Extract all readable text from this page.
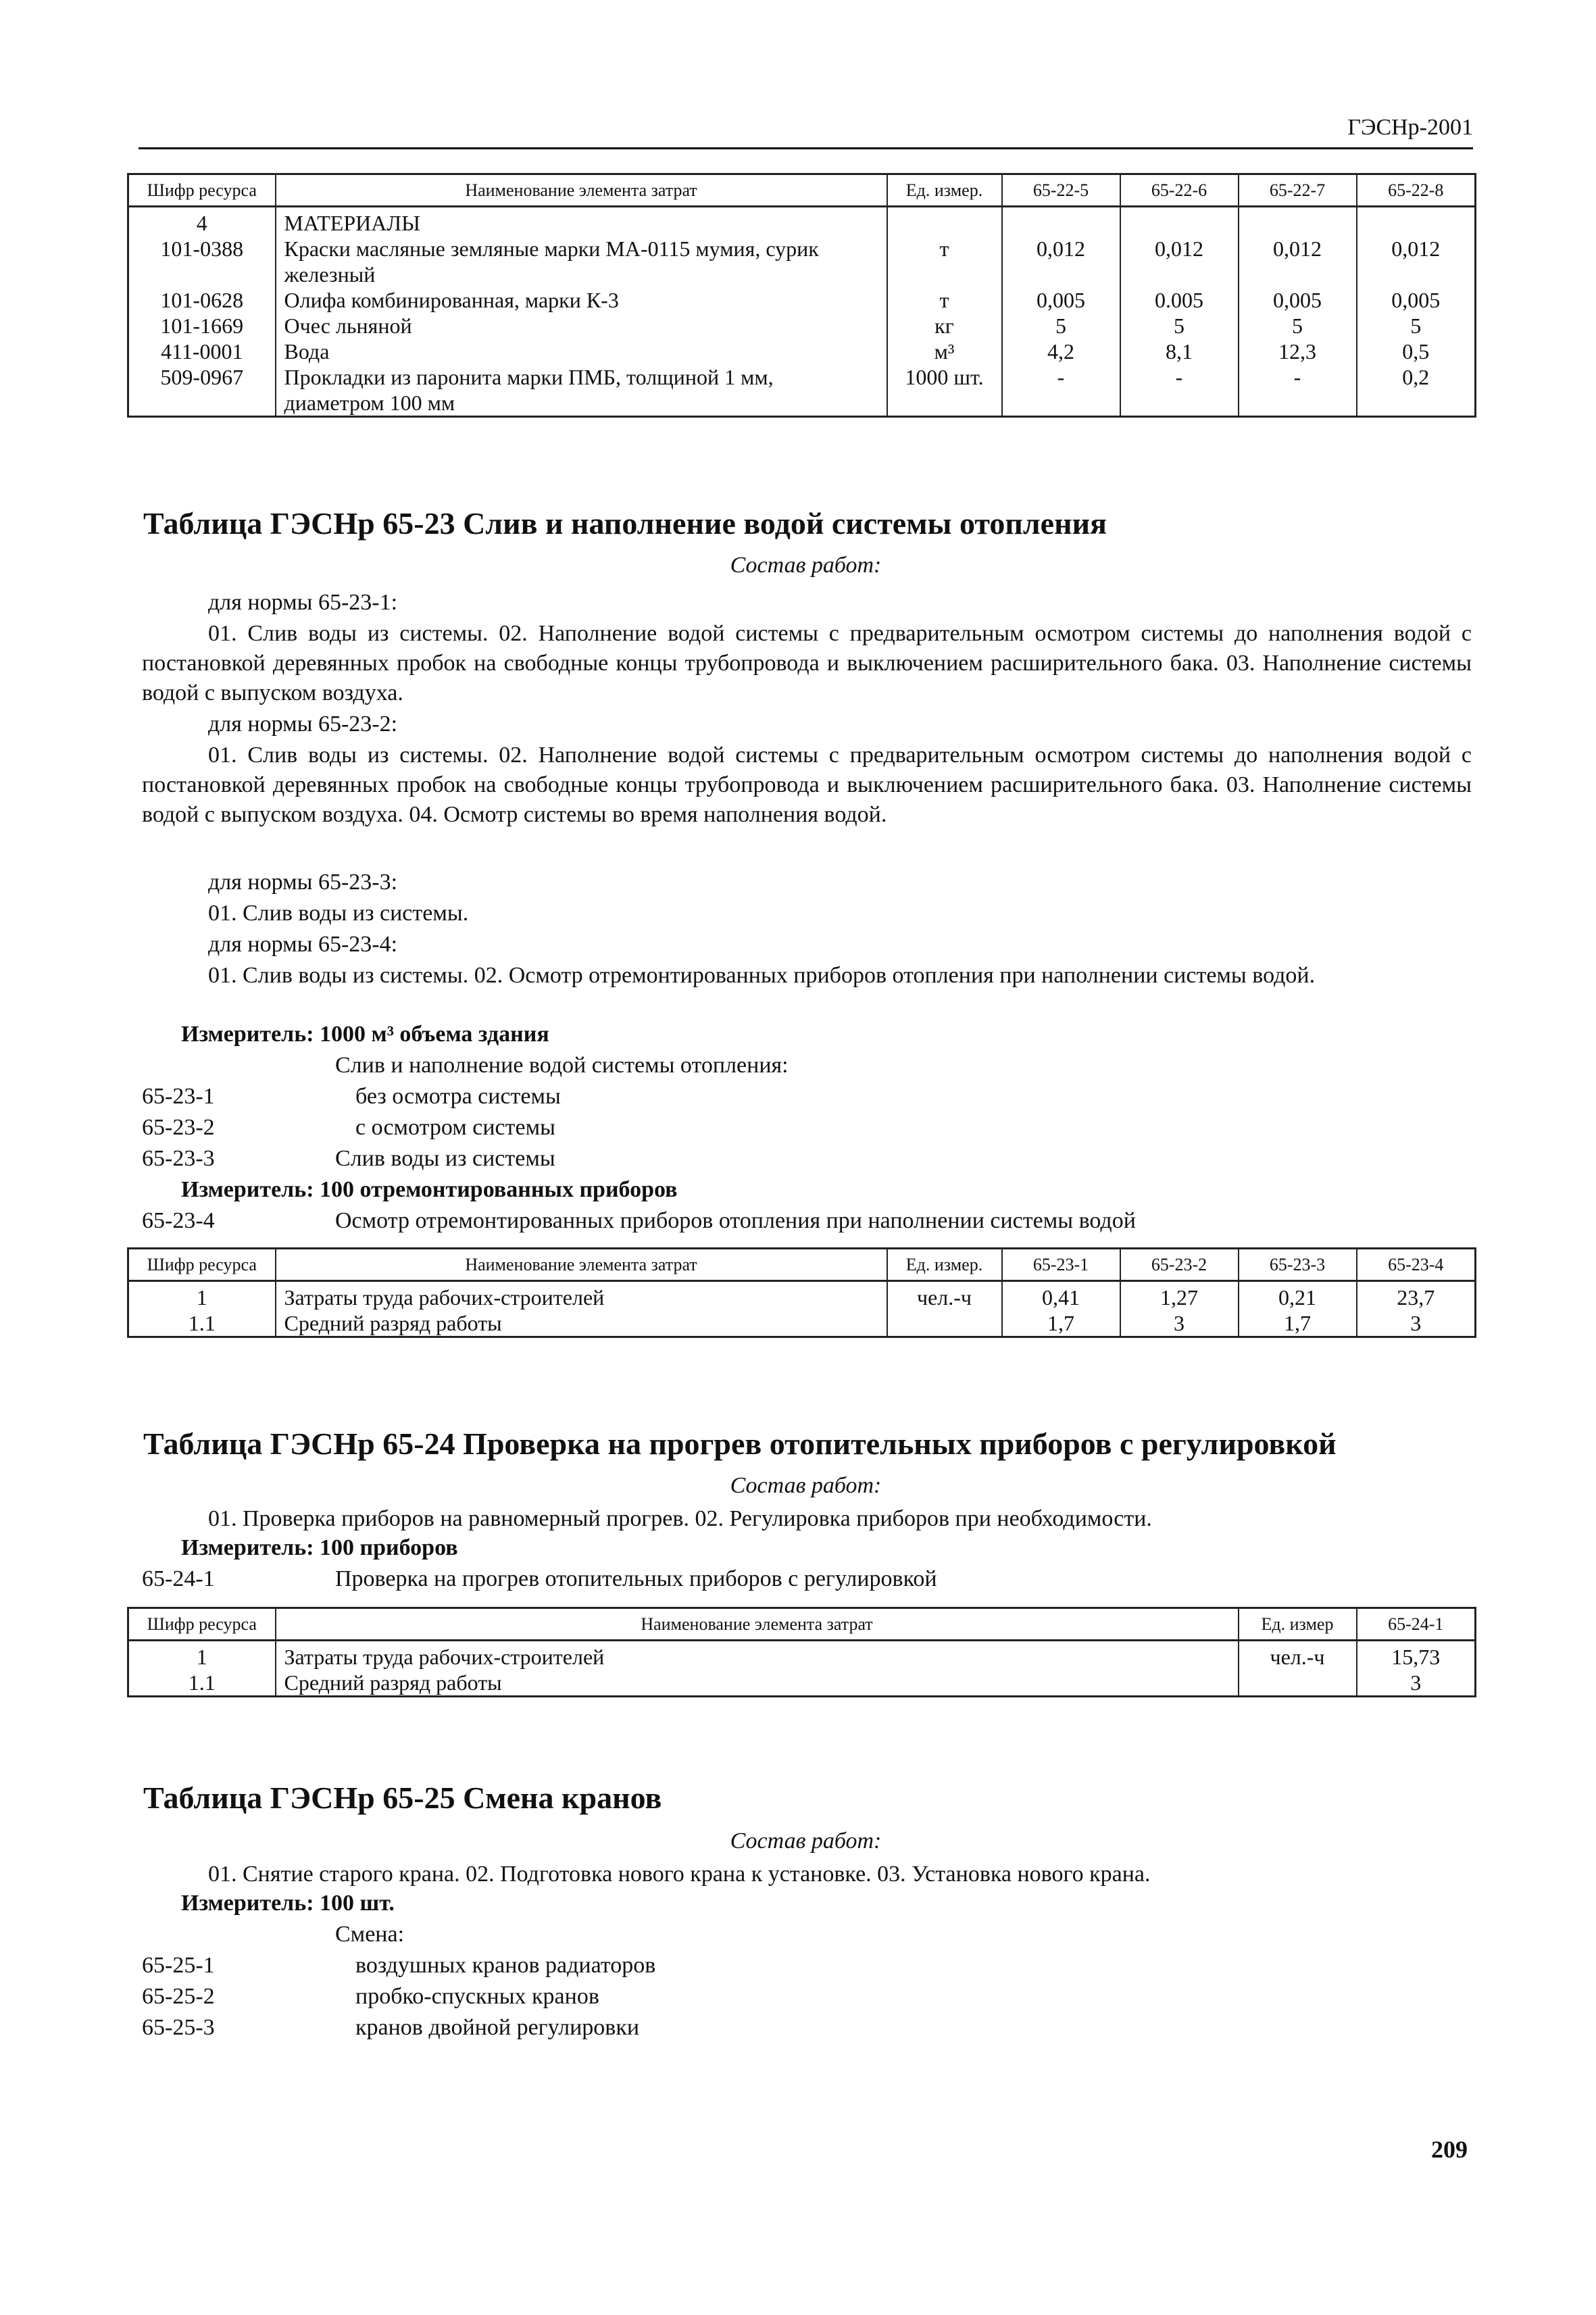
ГЭСНр-2001
Шифр ресурса	Наименование элемента затрат	Ед. измер.	65-22-5	65-22-6	65-22-7	65-22-8
4	МАТЕРИАЛЫ					
101-0388	Краски масляные земляные марки МА-0115 мумия, сурик железный	т	0,012	0,012	0,012	0,012
101-0628	Олифа комбинированная, марки К-3	т	0,005	0.005	0,005	0,005
101-1669	Очес льняной	кг	5	5	5	5
411-0001	Вода	м³	4,2	8,1	12,3	0,5
509-0967	Прокладки из паронита марки ПМБ, толщиной 1 мм, диаметром 100 мм	1000 шт.	-	-	-	0,2
Таблица ГЭСНр 65-23 Слив и наполнение водой системы отопления
Состав работ:
для нормы 65-23-1:
01. Слив воды из системы. 02. Наполнение водой системы с предварительным осмотром системы до наполнения водой с постановкой деревянных пробок на свободные концы трубопровода и выключением расширительного бака. 03. Наполнение системы водой с выпуском воздуха.
для нормы 65-23-2:
01. Слив воды из системы. 02. Наполнение водой системы с предварительным осмотром системы до наполнения водой с постановкой деревянных пробок на свободные концы трубопровода и выключением расширительного бака. 03. Наполнение системы водой с выпуском воздуха. 04. Осмотр системы во время наполнения водой.
для нормы 65-23-3:
01. Слив воды из системы.
для нормы 65-23-4:
01. Слив воды из системы. 02. Осмотр отремонтированных приборов отопления при наполнении системы водой.
Измеритель: 1000 м³ объема здания
Слив и наполнение водой системы отопления:
65-23-1	без осмотра системы
65-23-2	с осмотром системы
65-23-3	Слив воды из системы
Измеритель: 100 отремонтированных приборов
65-23-4	Осмотр отремонтированных приборов отопления при наполнении системы водой
Шифр ресурса	Наименование элемента затрат	Ед. измер.	65-23-1	65-23-2	65-23-3	65-23-4
1	Затраты труда рабочих-строителей	чел.-ч	0,41	1,27	0,21	23,7
1.1	Средний разряд работы		1,7	3	1,7	3
Таблица ГЭСНр 65-24 Проверка на прогрев отопительных приборов с регулировкой
Состав работ:
01. Проверка приборов на равномерный прогрев. 02. Регулировка приборов при необходимости.
Измеритель: 100 приборов
65-24-1	Проверка на прогрев отопительных приборов с регулировкой
Шифр ресурса	Наименование элемента затрат	Ед. измер	65-24-1
1	Затраты труда рабочих-строителей	чел.-ч	15,73
1.1	Средний разряд работы		3
Таблица ГЭСНр 65-25 Смена кранов
Состав работ:
01. Снятие старого крана. 02. Подготовка нового крана к установке. 03. Установка нового крана.
Измеритель: 100 шт.
Смена:
65-25-1	воздушных кранов радиаторов
65-25-2	пробко-спускных кранов
65-25-3	кранов двойной регулировки
209
